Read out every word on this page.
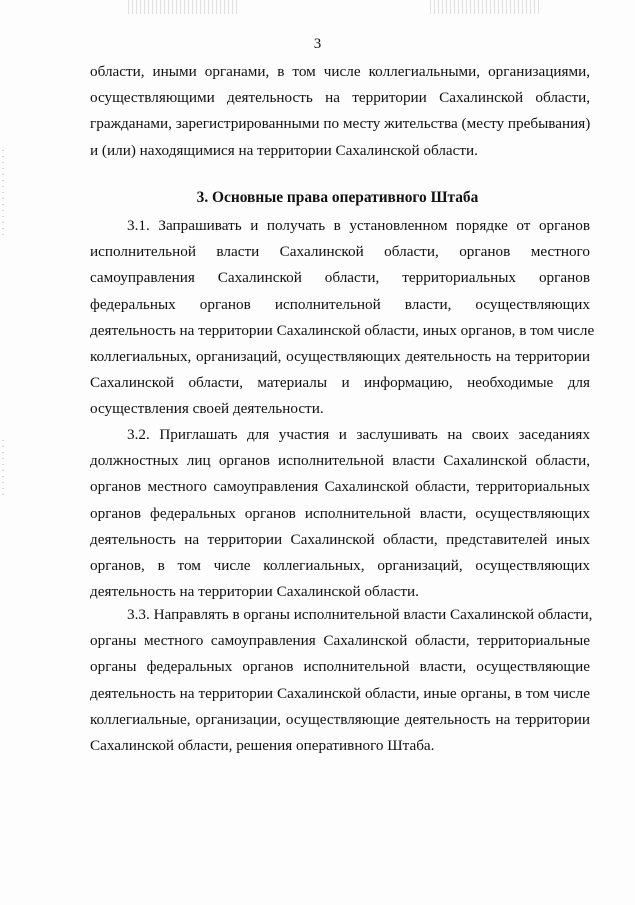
3
области, иными органами, в том числе коллегиальными, организациями,
осуществляющими деятельность на территории Сахалинской области,
гражданами, зарегистрированными по месту жительства (месту пребывания)
и (или) находящимися на территории Сахалинской области.
3. Основные права оперативного Штаба
3.1. Запрашивать и получать в установленном порядке от органов
исполнительной власти Сахалинской области, органов местного
самоуправления Сахалинской области, территориальных органов
федеральных органов исполнительной власти, осуществляющих
деятельность на территории Сахалинской области, иных органов, в том числе
коллегиальных, организаций, осуществляющих деятельность на территории
Сахалинской области, материалы и информацию, необходимые для
осуществления своей деятельности.
3.2. Приглашать для участия и заслушивать на своих заседаниях
должностных лиц органов исполнительной власти Сахалинской области,
органов местного самоуправления Сахалинской области, территориальных
органов федеральных органов исполнительной власти, осуществляющих
деятельность на территории Сахалинской области, представителей иных
органов, в том числе коллегиальных, организаций, осуществляющих
деятельность на территории Сахалинской области.
3.3. Направлять в органы исполнительной власти Сахалинской области,
органы местного самоуправления Сахалинской области, территориальные
органы федеральных органов исполнительной власти, осуществляющие
деятельность на территории Сахалинской области, иные органы, в том числе
коллегиальные, организации, осуществляющие деятельность на территории
Сахалинской области, решения оперативного Штаба.
